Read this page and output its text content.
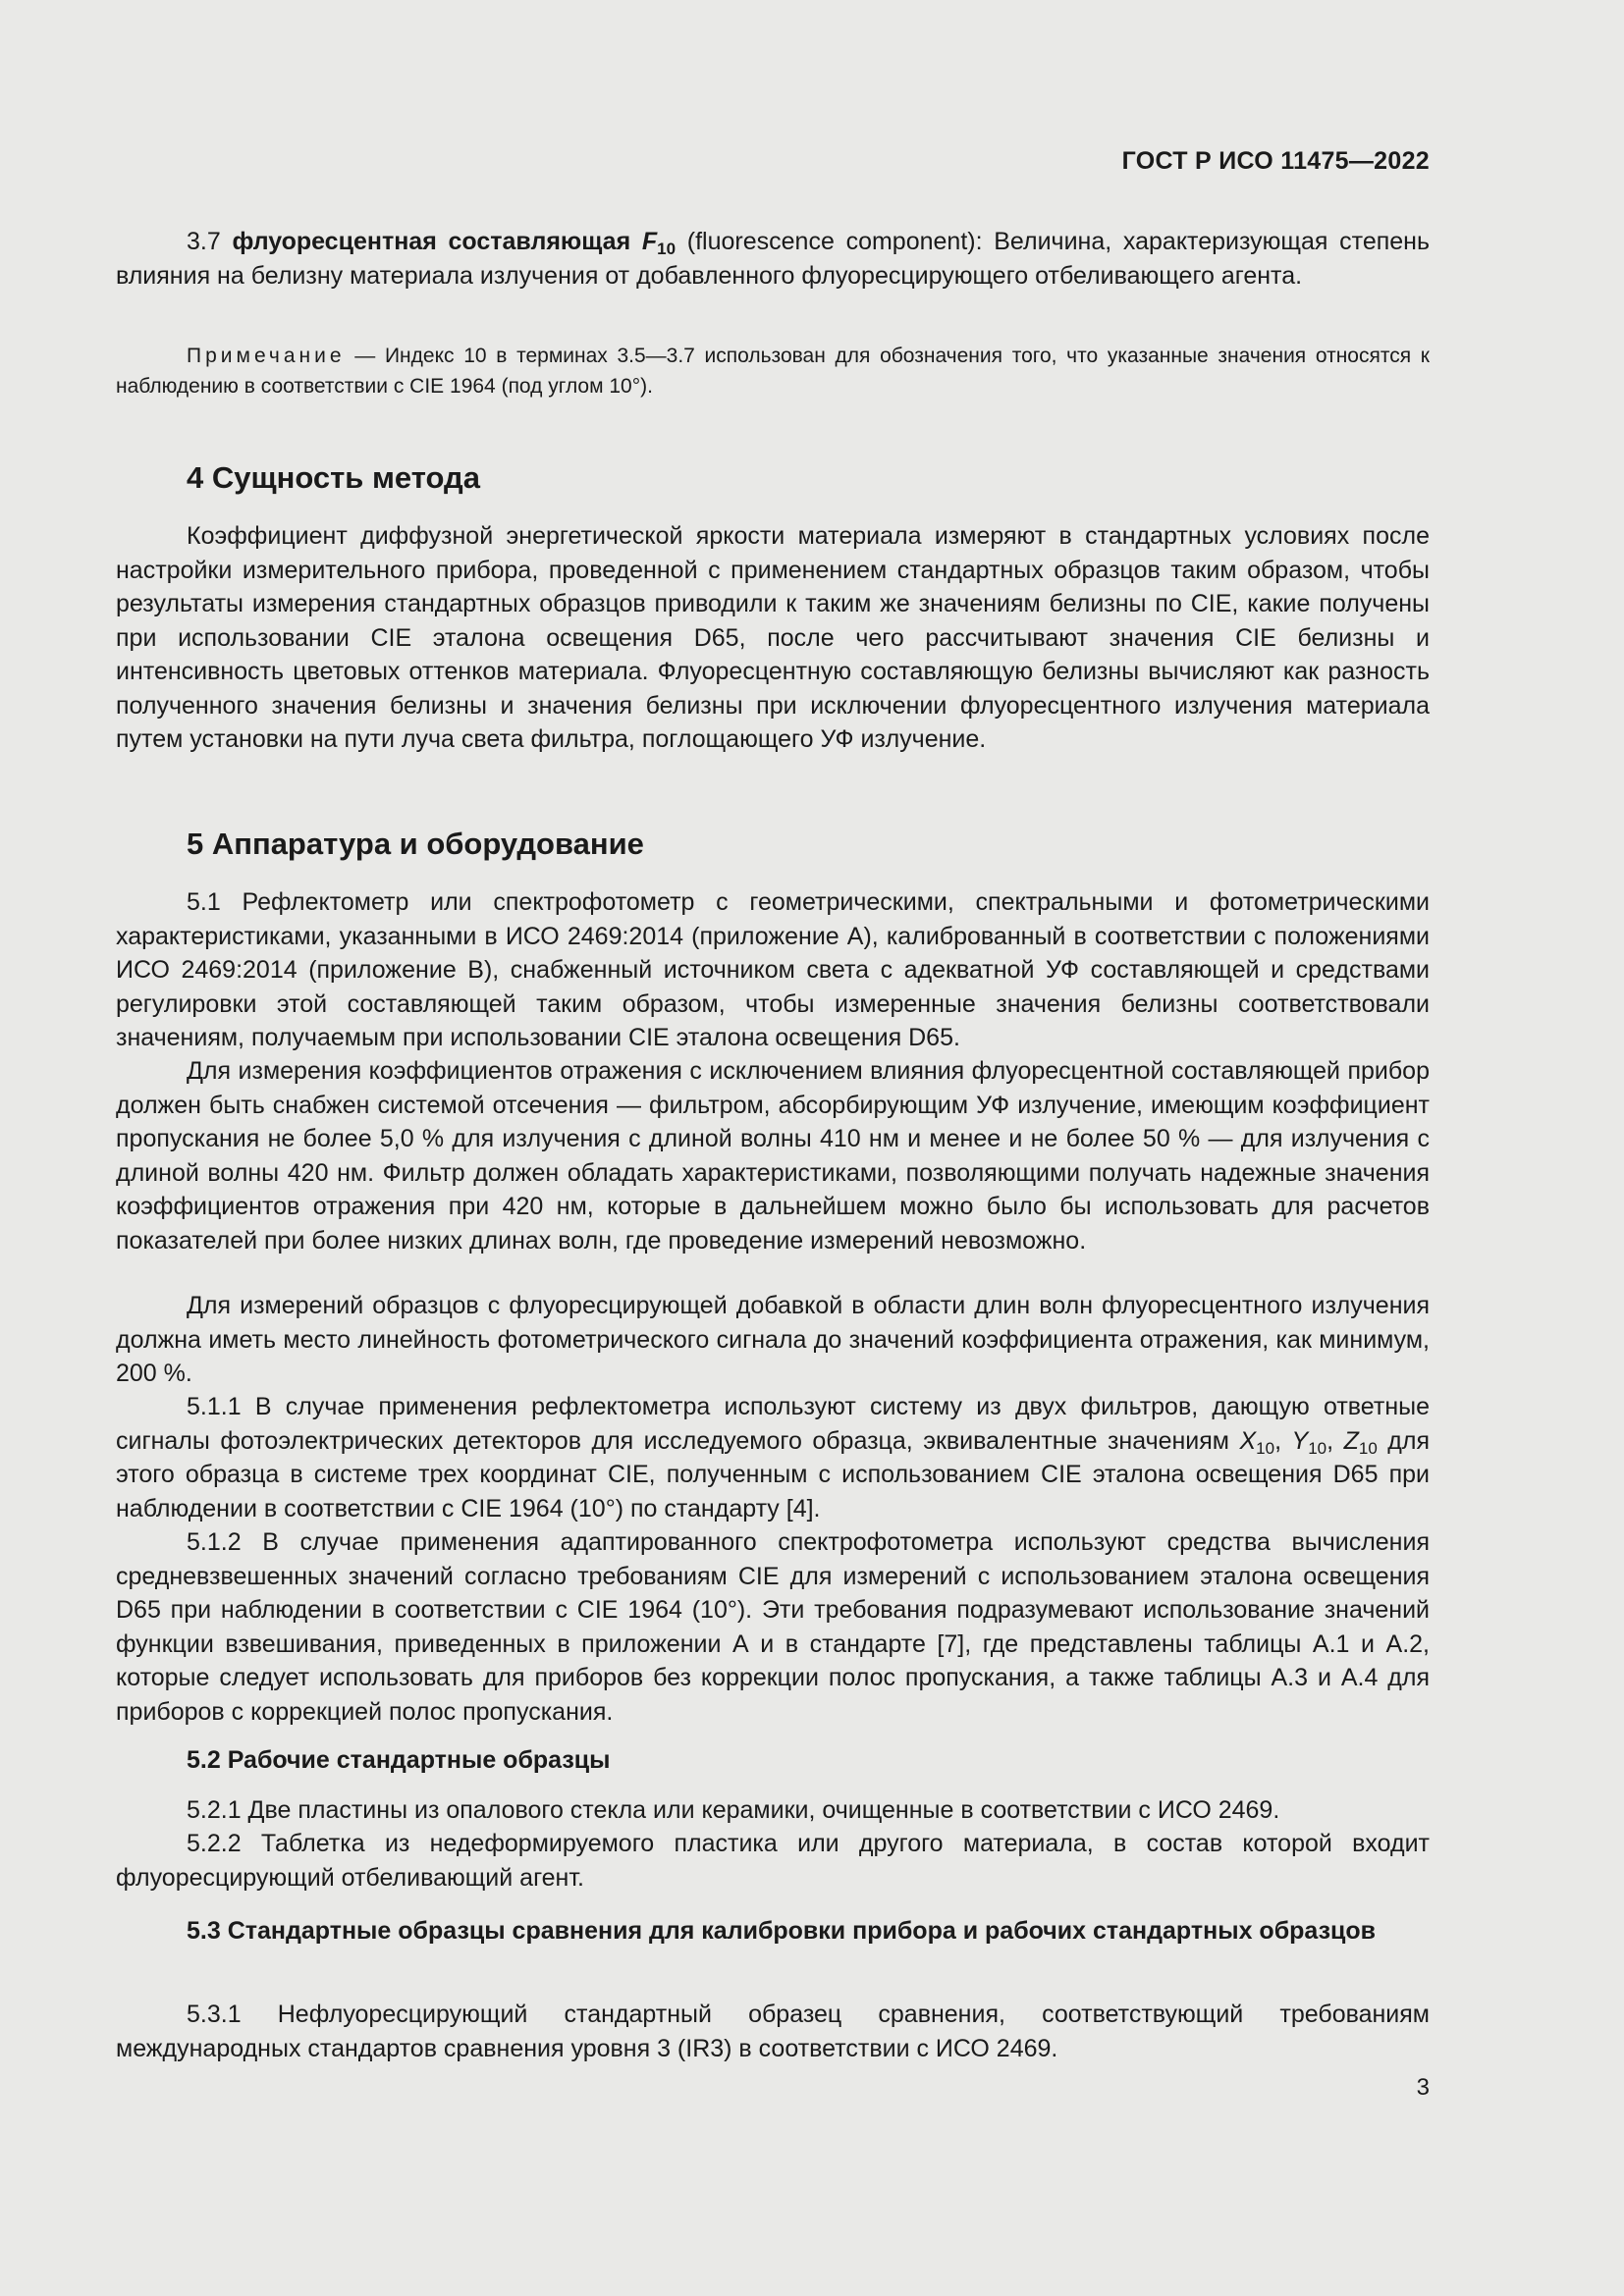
ГОСТ Р ИСО 11475—2022

3.7 флуоресцентная составляющая $F_{10}$ (fluorescence component): Величина, характеризующая степень влияния на белизну материала излучения от добавленного флуоресцирующего отбеливающего агента.

Примечание — Индекс 10 в терминах 3.5—3.7 использован для обозначения того, что указанные значения относятся к наблюдению в соответствии с CIE 1964 (под углом 10°).

4 Сущность метода

Коэффициент диффузной энергетической яркости материала измеряют в стандартных условиях после настройки измерительного прибора, проведенной с применением стандартных образцов таким образом, чтобы результаты измерения стандартных образцов приводили к таким же значениям белизны по CIE, какие получены при использовании CIE эталона освещения D65, после чего рассчитывают значения CIE белизны и интенсивность цветовых оттенков материала. Флуоресцентную составляющую белизны вычисляют как разность полученного значения белизны и значения белизны при исключении флуоресцентного излучения материала путем установки на пути луча света фильтра, поглощающего УФ излучение.

5 Аппаратура и оборудование

5.1 Рефлектометр или спектрофотометр с геометрическими, спектральными и фотометрическими характеристиками, указанными в ИСО 2469:2014 (приложение А), калиброванный в соответствии с положениями ИСО 2469:2014 (приложение В), снабженный источником света с адекватной УФ составляющей и средствами регулировки этой составляющей таким образом, чтобы измеренные значения белизны соответствовали значениям, получаемым при использовании CIE эталона освещения D65.

Для измерения коэффициентов отражения с исключением влияния флуоресцентной составляющей прибор должен быть снабжен системой отсечения — фильтром, абсорбирующим УФ излучение, имеющим коэффициент пропускания не более 5,0 % для излучения с длиной волны 410 нм и менее и не более 50 % — для излучения с длиной волны 420 нм. Фильтр должен обладать характеристиками, позволяющими получать надежные значения коэффициентов отражения при 420 нм, которые в дальнейшем можно было бы использовать для расчетов показателей при более низких длинах волн, где проведение измерений невозможно.

Для измерений образцов с флуоресцирующей добавкой в области длин волн флуоресцентного излучения должна иметь место линейность фотометрического сигнала до значений коэффициента отражения, как минимум, 200 %.

5.1.1 В случае применения рефлектометра используют систему из двух фильтров, дающую ответные сигналы фотоэлектрических детекторов для исследуемого образца, эквивалентные значениям $X_{10}$, $Y_{10}$, $Z_{10}$ для этого образца в системе трех координат CIE, полученным с использованием CIE эталона освещения D65 при наблюдении в соответствии с CIE 1964 (10°) по стандарту [4].

5.1.2 В случае применения адаптированного спектрофотометра используют средства вычисления средневзвешенных значений согласно требованиям CIE для измерений с использованием эталона освещения D65 при наблюдении в соответствии с CIE 1964 (10°). Эти требования подразумевают использование значений функции взвешивания, приведенных в приложении А и в стандарте [7], где представлены таблицы А.1 и А.2, которые следует использовать для приборов без коррекции полос пропускания, а также таблицы А.3 и А.4 для приборов с коррекцией полос пропускания.

5.2 Рабочие стандартные образцы

5.2.1 Две пластины из опалового стекла или керамики, очищенные в соответствии с ИСО 2469.

5.2.2 Таблетка из недеформируемого пластика или другого материала, в состав которой входит флуоресцирующий отбеливающий агент.

5.3 Стандартные образцы сравнения для калибровки прибора и рабочих стандартных образцов

5.3.1 Нефлуоресцирующий стандартный образец сравнения, соответствующий требованиям международных стандартов сравнения уровня 3 (IR3) в соответствии с ИСО 2469.

3
